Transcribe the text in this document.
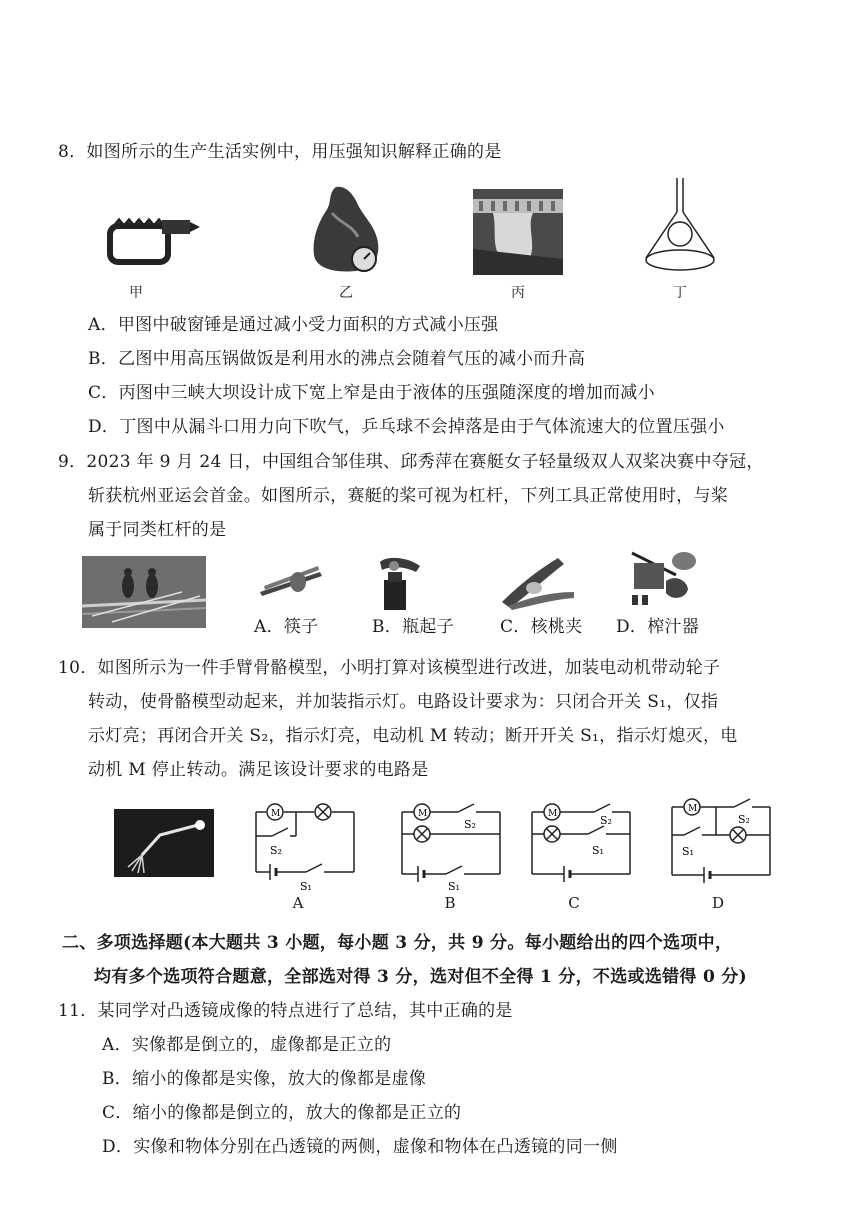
8．如图所示的生产生活实例中，用压强知识解释正确的是
甲	乙	丙	丁
A．甲图中破窗锤是通过减小受力面积的方式减小压强
B．乙图中用高压锅做饭是利用水的沸点会随着气压的减小而升高
C．丙图中三峡大坝设计成下宽上窄是由于液体的压强随深度的增加而减小
D．丁图中从漏斗口用力向下吹气，乒乓球不会掉落是由于气体流速大的位置压强小
9．2023 年 9 月 24 日，中国组合邹佳琪、邱秀萍在赛艇女子轻量级双人双桨决赛中夺冠，
斩获杭州亚运会首金。如图所示，赛艇的桨可视为杠杆，下列工具正常使用时，与桨
属于同类杠杆的是
A．筷子	B．瓶起子	C．核桃夹 D．榨汁器
10．如图所示为一件手臂骨骼模型，小明打算对该模型进行改进，加装电动机带动轮子
转动，使骨骼模型动起来，并加装指示灯。电路设计要求为：只闭合开关 S₁，仅指
示灯亮；再闭合开关 S₂，指示灯亮，电动机 M 转动；断开开关 S₁，指示灯熄灭，电
动机 M 停止转动。满足该设计要求的电路是
M
S₂
S₁
A
M
S₂
S₁
B
M	S₂
S₁
C
M
S₂
S₁
D
二、多项选择题(本大题共 3 小题，每小题 3 分，共 9 分。每小题给出的四个选项中，
均有多个选项符合题意，全部选对得 3 分，选对但不全得 1 分，不选或选错得 0 分)
11．某同学对凸透镜成像的特点进行了总结，其中正确的是
A．实像都是倒立的，虚像都是正立的
B．缩小的像都是实像，放大的像都是虚像
C．缩小的像都是倒立的，放大的像都是正立的
D．实像和物体分别在凸透镜的两侧，虚像和物体在凸透镜的同一侧
